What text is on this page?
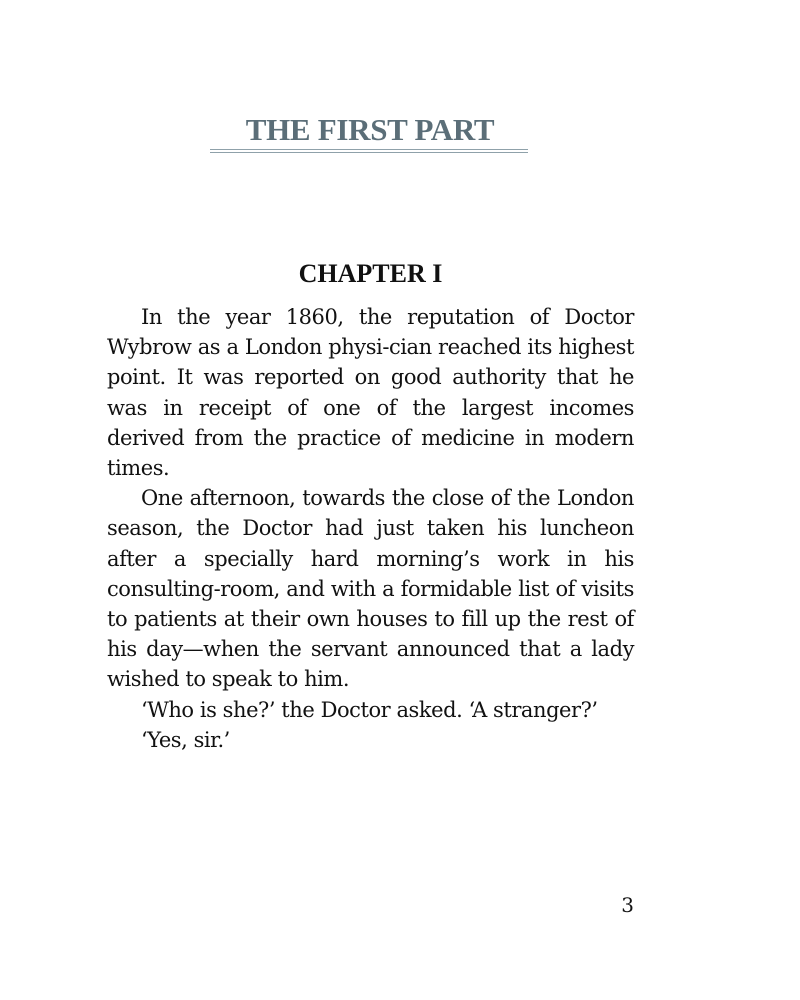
THE FIRST PART
CHAPTER I

In the year 1860, the reputation of Doctor Wybrow as a London physi-cian reached its highest point. It was reported on good authority that he was in receipt of one of the largest incomes derived from the practice of medicine in modern times.

One afternoon, towards the close of the London season, the Doctor had just taken his luncheon after a specially hard morning’s work in his consulting-room, and with a formidable list of visits to patients at their own houses to fill up the rest of his day—when the servant announced that a lady wished to speak to him.

‘Who is she?’ the Doctor asked. ‘A stranger?’

‘Yes, sir.’

3
